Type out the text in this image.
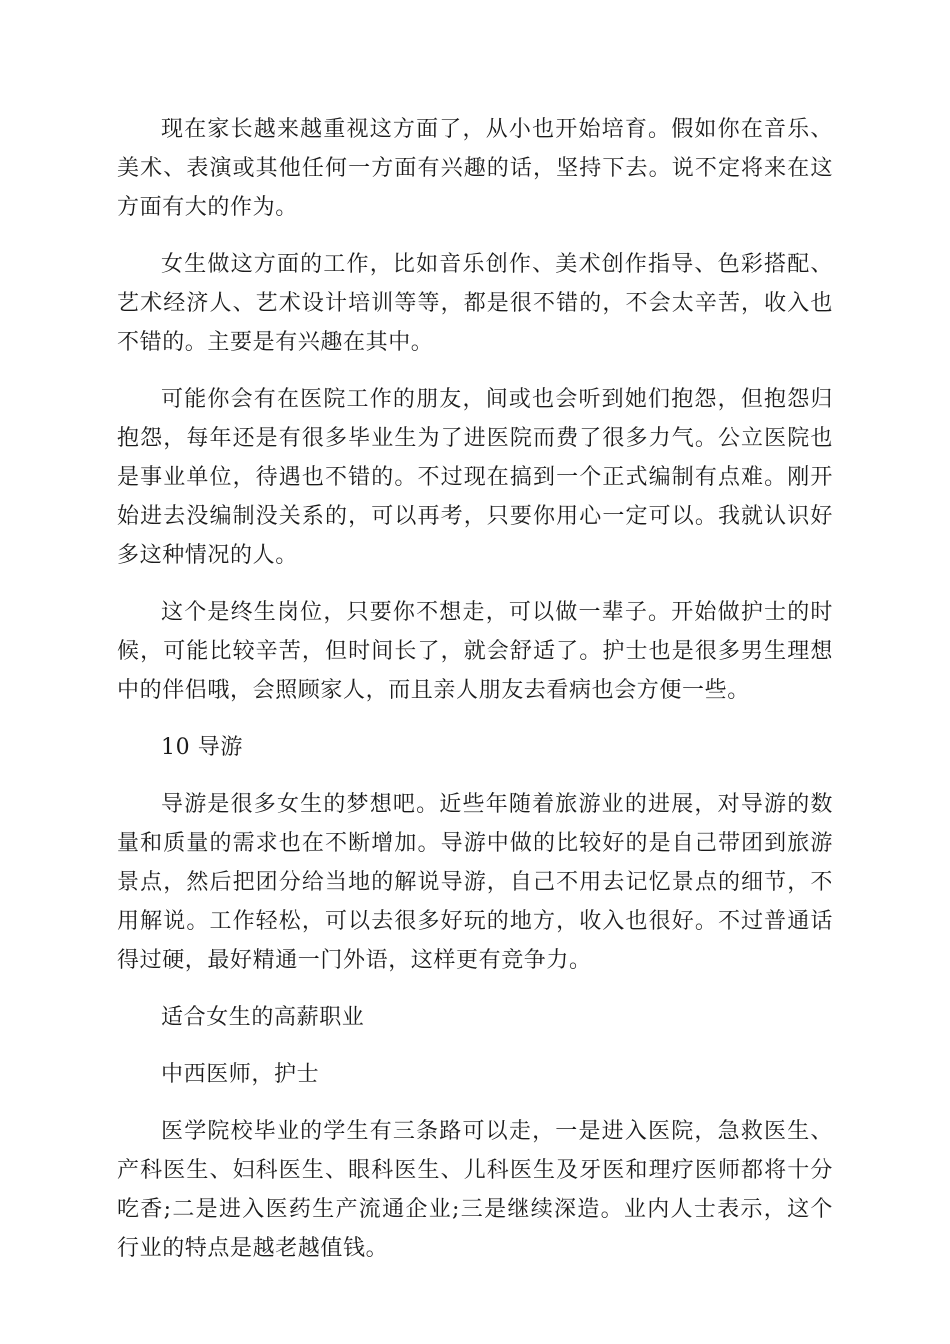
现在家长越来越重视这方面了，从小也开始培育。假如你在音乐、美术、表演或其他任何一方面有兴趣的话，坚持下去。说不定将来在这方面有大的作为。

女生做这方面的工作，比如音乐创作、美术创作指导、色彩搭配、艺术经济人、艺术设计培训等等，都是很不错的，不会太辛苦，收入也不错的。主要是有兴趣在其中。

可能你会有在医院工作的朋友，间或也会听到她们抱怨，但抱怨归抱怨，每年还是有很多毕业生为了进医院而费了很多力气。公立医院也是事业单位，待遇也不错的。不过现在搞到一个正式编制有点难。刚开始进去没编制没关系的，可以再考，只要你用心一定可以。我就认识好多这种情况的人。

这个是终生岗位，只要你不想走，可以做一辈子。开始做护士的时候，可能比较辛苦，但时间长了，就会舒适了。护士也是很多男生理想中的伴侣哦，会照顾家人，而且亲人朋友去看病也会方便一些。

10 导游

导游是很多女生的梦想吧。近些年随着旅游业的进展，对导游的数量和质量的需求也在不断增加。导游中做的比较好的是自己带团到旅游景点，然后把团分给当地的解说导游，自己不用去记忆景点的细节，不用解说。工作轻松，可以去很多好玩的地方，收入也很好。不过普通话得过硬，最好精通一门外语，这样更有竞争力。

适合女生的高薪职业

中西医师，护士

医学院校毕业的学生有三条路可以走，一是进入医院，急救医生、产科医生、妇科医生、眼科医生、儿科医生及牙医和理疗医师都将十分吃香;二是进入医药生产流通企业;三是继续深造。业内人士表示，这个行业的特点是越老越值钱。
